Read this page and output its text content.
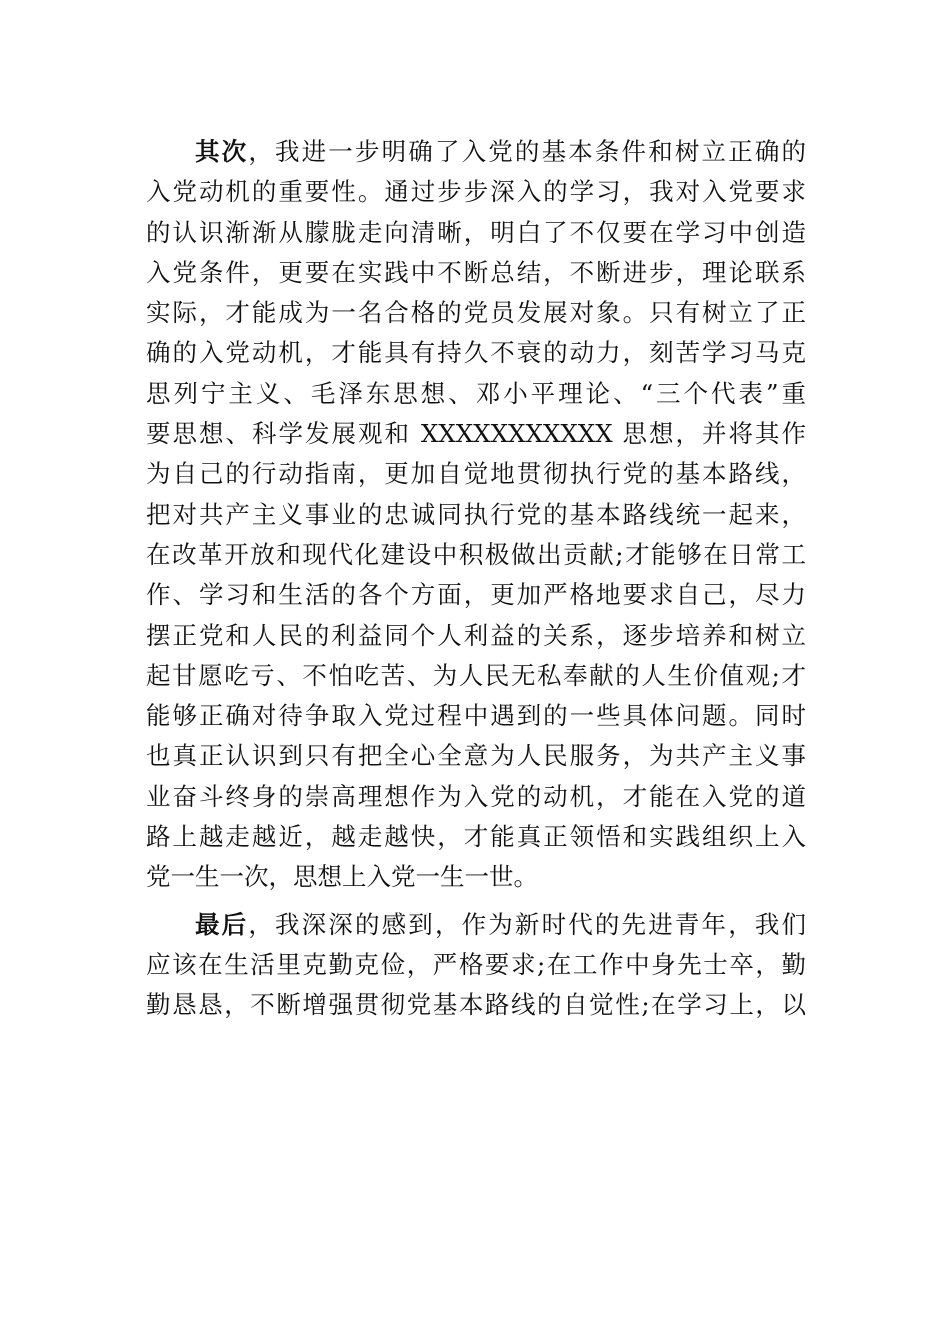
其次，我进一步明确了入党的基本条件和树立正确的
入党动机的重要性。通过步步深入的学习，我对入党要求
的认识渐渐从朦胧走向清晰，明白了不仅要在学习中创造
入党条件，更要在实践中不断总结，不断进步，理论联系
实际，才能成为一名合格的党员发展对象。只有树立了正
确的入党动机，才能具有持久不衰的动力，刻苦学习马克
思列宁主义、毛泽东思想、邓小平理论、“三个代表”重
要思想、科学发展观和 XXXXXXXXXXX 思想，并将其作
为自己的行动指南，更加自觉地贯彻执行党的基本路线，
把对共产主义事业的忠诚同执行党的基本路线统一起来，
在改革开放和现代化建设中积极做出贡献;才能够在日常工
作、学习和生活的各个方面，更加严格地要求自己，尽力
摆正党和人民的利益同个人利益的关系，逐步培养和树立
起甘愿吃亏、不怕吃苦、为人民无私奉献的人生价值观;才
能够正确对待争取入党过程中遇到的一些具体问题。同时
也真正认识到只有把全心全意为人民服务，为共产主义事
业奋斗终身的崇高理想作为入党的动机，才能在入党的道
路上越走越近，越走越快，才能真正领悟和实践组织上入
党一生一次，思想上入党一生一世。
最后，我深深的感到，作为新时代的先进青年，我们
应该在生活里克勤克俭，严格要求;在工作中身先士卒，勤
勤恳恳，不断增强贯彻党基本路线的自觉性;在学习上，以
